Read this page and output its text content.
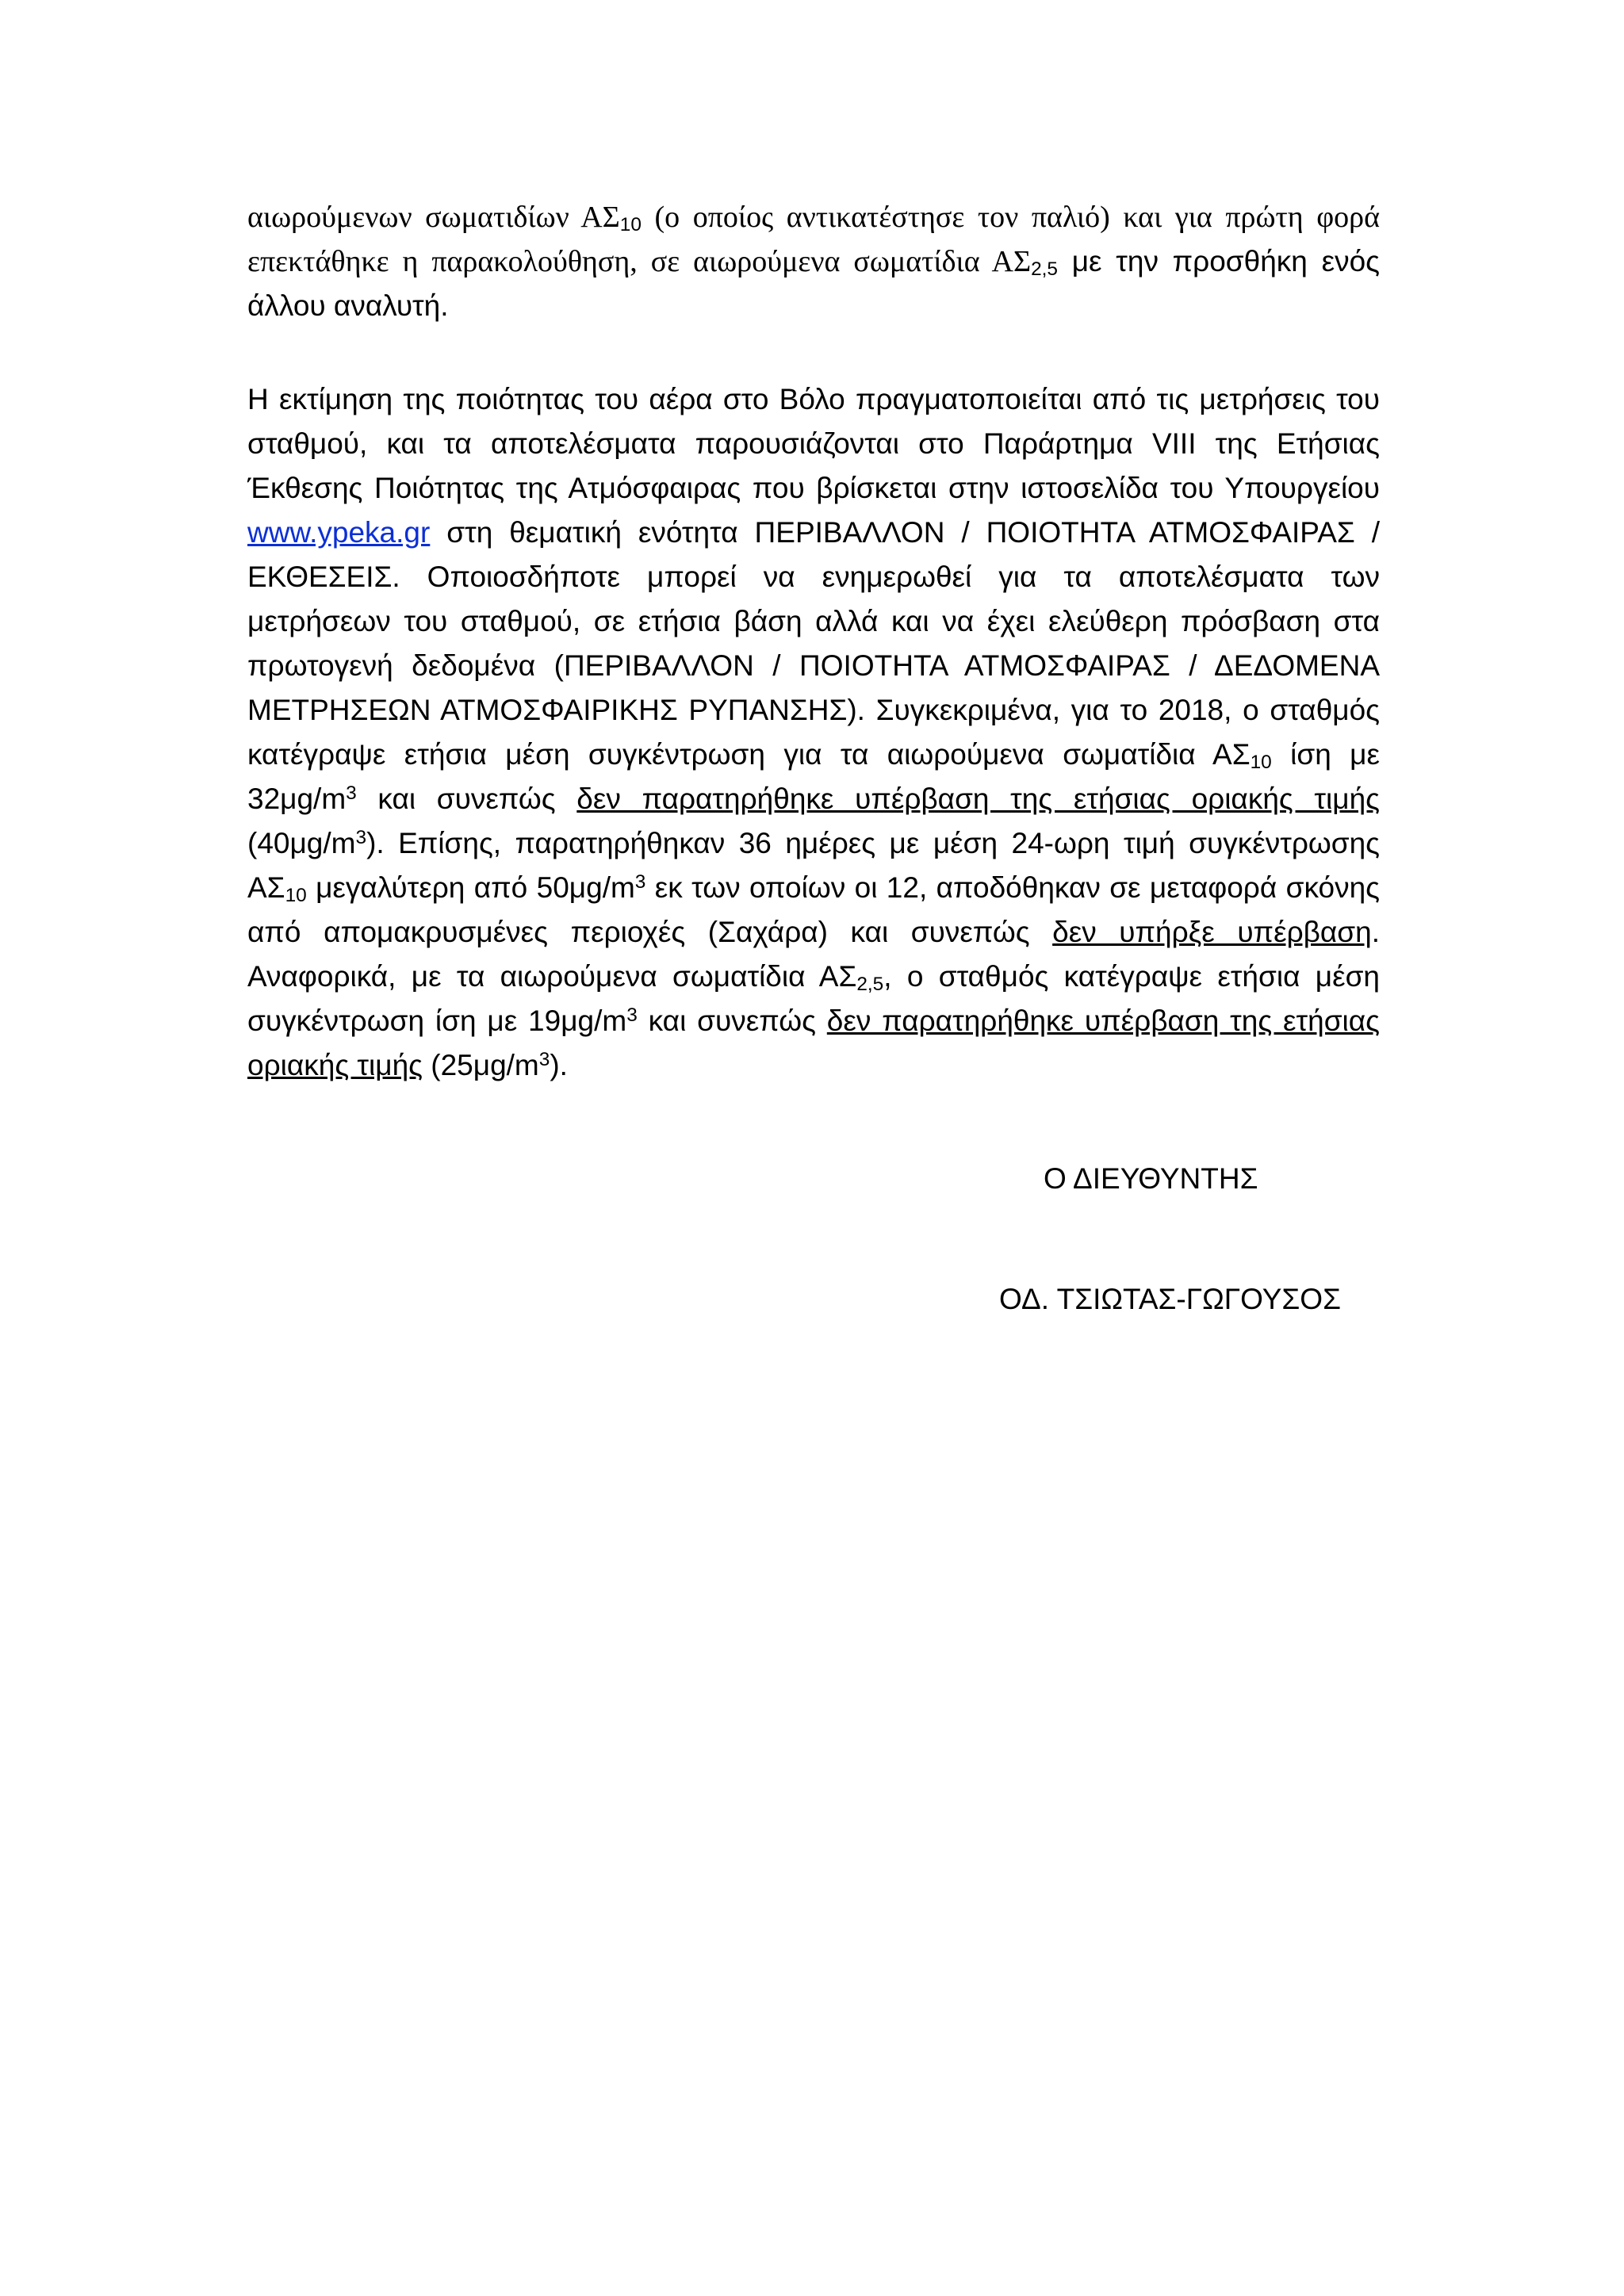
αιωρούμενων σωματιδίων $A\Sigma_{10}$ (ο οποίος αντικατέστησε τον παλιό) και για πρώτη φορά επεκτάθηκε η παρακολούθηση, σε αιωρούμενα σωματίδια $A\Sigma_{2,5}$ με την προσθήκη ενός άλλου αναλυτή.

Η εκτίμηση της ποιότητας του αέρα στο Βόλο πραγματοποιείται από τις μετρήσεις του σταθμού, και τα αποτελέσματα παρουσιάζονται στο Παράρτημα VIII της Ετήσιας Έκθεσης Ποιότητας της Ατμόσφαιρας που βρίσκεται στην ιστοσελίδα του Υπουργείου www.ypeka.gr στη θεματική ενότητα ΠΕΡΙΒΑΛΛΟΝ / ΠΟΙΟΤΗΤΑ ΑΤΜΟΣΦΑΙΡΑΣ / ΕΚΘΕΣΕΙΣ. Οποιοσδήποτε μπορεί να ενημερωθεί για τα αποτελέσματα των μετρήσεων του σταθμού, σε ετήσια βάση αλλά και να έχει ελεύθερη πρόσβαση στα πρωτογενή δεδομένα (ΠΕΡΙΒΑΛΛΟΝ / ΠΟΙΟΤΗΤΑ ΑΤΜΟΣΦΑΙΡΑΣ / ΔΕΔΟΜΕΝΑ ΜΕΤΡΗΣΕΩΝ ΑΤΜΟΣΦΑΙΡΙΚΗΣ ΡΥΠΑΝΣΗΣ). Συγκεκριμένα, για το 2018, ο σταθμός κατέγραψε ετήσια μέση συγκέντρωση για τα αιωρούμενα σωματίδια $A\Sigma_{10}$ ίση με $32\mu g/m^3$ και συνεπώς δεν παρατηρήθηκε υπέρβαση της ετήσιας οριακής τιμής $(40\mu g/m^3)$. Επίσης, παρατηρήθηκαν 36 ημέρες με μέση 24-ωρη τιμή συγκέντρωσης $A\Sigma_{10}$ μεγαλύτερη από $50\mu g/m^3$ εκ των οποίων οι 12, αποδόθηκαν σε μεταφορά σκόνης από απομακρυσμένες περιοχές (Σαχάρα) και συνεπώς δεν υπήρξε υπέρβαση. Αναφορικά, με τα αιωρούμενα σωματίδια $A\Sigma_{2,5}$, ο σταθμός κατέγραψε ετήσια μέση συγκέντρωση ίση με $19\mu g/m^3$ και συνεπώς δεν παρατηρήθηκε υπέρβαση της ετήσιας οριακής τιμής $(25\mu g/m^3)$.

Ο ΔΙΕΥΘΥΝΤΗΣ
ΟΔ. ΤΣΙΩΤΑΣ-ΓΩΓΟΥΣΟΣ
